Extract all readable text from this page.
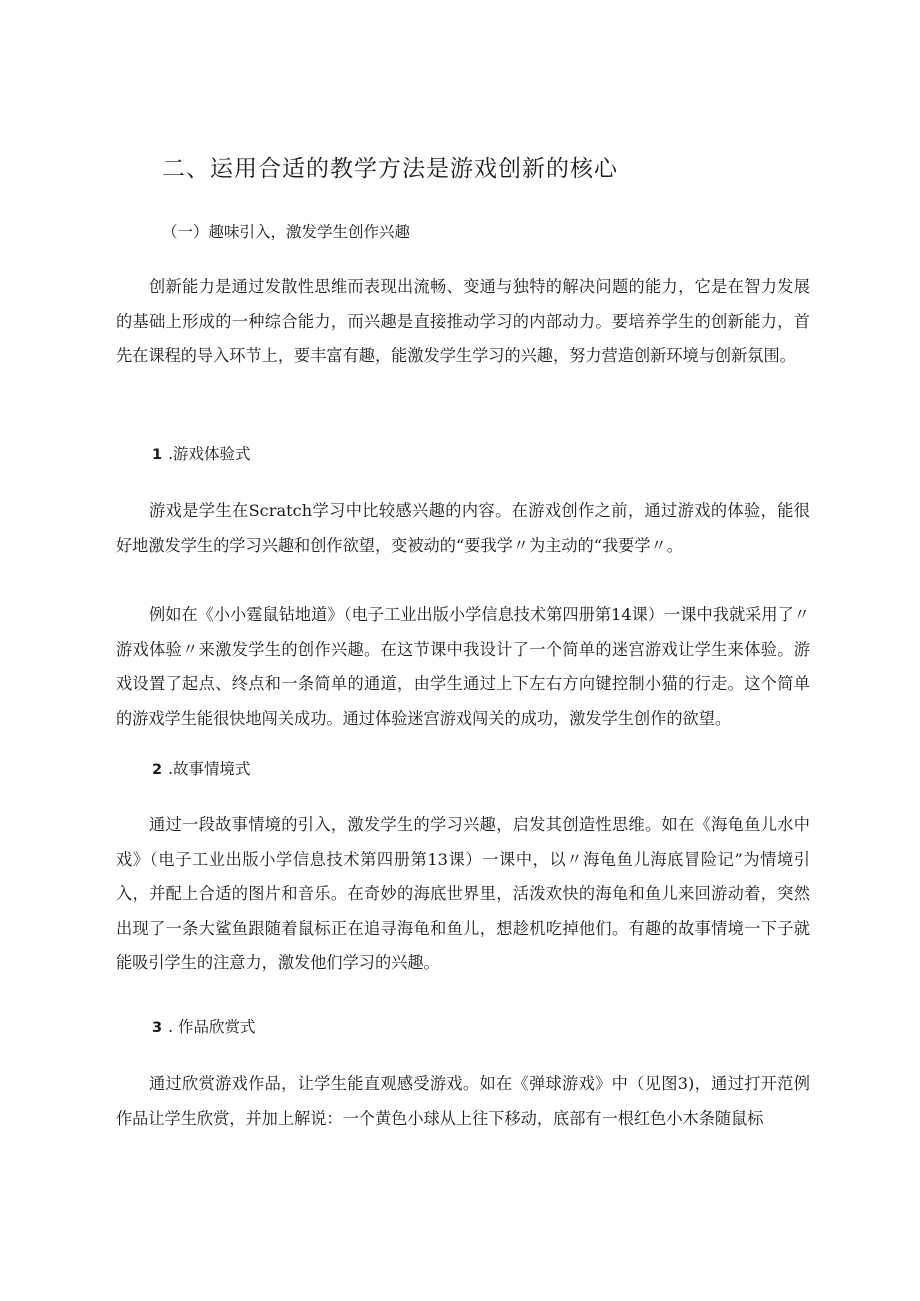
二、运用合适的教学方法是游戏创新的核心
（一）趣味引入，激发学生创作兴趣

创新能力是通过发散性思维而表现出流畅、变通与独特的解决问题的能力，它是在智力发展的基础上形成的一种综合能力，而兴趣是直接推动学习的内部动力。要培养学生的创新能力，首先在课程的导入环节上，要丰富有趣，能激发学生学习的兴趣，努力营造创新环境与创新氛围。

1 .游戏体验式

游戏是学生在Scratch学习中比较感兴趣的内容。在游戏创作之前，通过游戏的体验，能很好地激发学生的学习兴趣和创作欲望，变被动的“要我学〃为主动的“我要学〃。

例如在《小小霆鼠钻地道》（电子工业出版小学信息技术第四册第14课）一课中我就采用了〃游戏体验〃来激发学生的创作兴趣。在这节课中我设计了一个简单的迷宫游戏让学生来体验。游戏设置了起点、终点和一条简单的通道，由学生通过上下左右方向键控制小猫的行走。这个简单的游戏学生能很快地闯关成功。通过体验迷宫游戏闯关的成功，激发学生创作的欲望。

2 .故事情境式

通过一段故事情境的引入，激发学生的学习兴趣，启发其创造性思维。如在《海龟鱼儿水中戏》（电子工业出版小学信息技术第四册第13课）一课中，以〃海龟鱼儿海底冒险记”为情境引入，并配上合适的图片和音乐。在奇妙的海底世界里，活泼欢快的海龟和鱼儿来回游动着，突然出现了一条大鲨鱼跟随着鼠标正在追寻海龟和鱼儿，想趁机吃掉他们。有趣的故事情境一下子就能吸引学生的注意力，激发他们学习的兴趣。

3 . 作品欣赏式

通过欣赏游戏作品，让学生能直观感受游戏。如在《弹球游戏》中（见图3)，通过打开范例作品让学生欣赏，并加上解说：一个黄色小球从上往下移动，底部有一根红色小木条随鼠标
